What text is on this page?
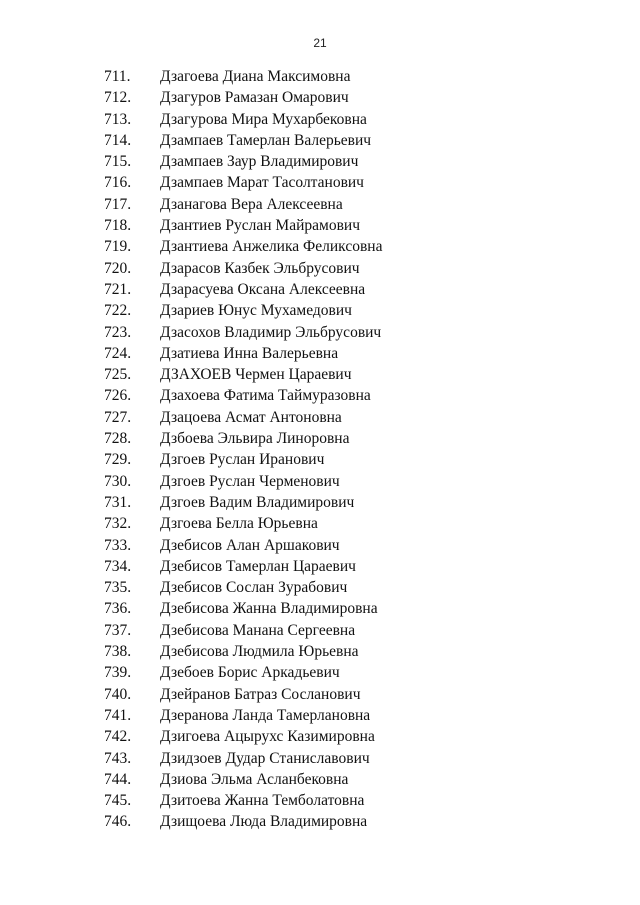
21
711.	Дзагоева Диана Максимовна
712.	Дзагуров Рамазан Омарович
713.	Дзагурова Мира Мухарбековна
714.	Дзампаев Тамерлан Валерьевич
715.	Дзампаев Заур Владимирович
716.	Дзампаев Марат Тасолтанович
717.	Дзанагова Вера Алексеевна
718.	Дзантиев Руслан Майрамович
719.	Дзантиева Анжелика Феликсовна
720.	Дзарасов Казбек Эльбрусович
721.	Дзарасуева Оксана Алексеевна
722.	Дзариев Юнус Мухамедович
723.	Дзасохов Владимир Эльбрусович
724.	Дзатиева Инна Валерьевна
725.	ДЗАХОЕВ Чермен Цараевич
726.	Дзахоева Фатима Таймуразовна
727.	Дзацоева Асмат Антоновна
728.	Дзбоева Эльвира Линоровна
729.	Дзгоев Руслан Иранович
730.	Дзгоев Руслан Черменович
731.	Дзгоев Вадим Владимирович
732.	Дзгоева Белла Юрьевна
733.	Дзебисов Алан Аршакович
734.	Дзебисов Тамерлан Цараевич
735.	Дзебисов Сослан Зурабович
736.	Дзебисова Жанна Владимировна
737.	Дзебисова Манана Сергеевна
738.	Дзебисова Людмила Юрьевна
739.	Дзебоев Борис Аркадьевич
740.	Дзейранов Батраз Сосланович
741.	Дзеранова Ланда Тамерлановна
742.	Дзигоева Ацырухс Казимировна
743.	Дзидзоев Дудар Станиславович
744.	Дзиова Эльма Асланбековна
745.	Дзитоева Жанна Темболатовна
746.	Дзищоева Люда Владимировна
